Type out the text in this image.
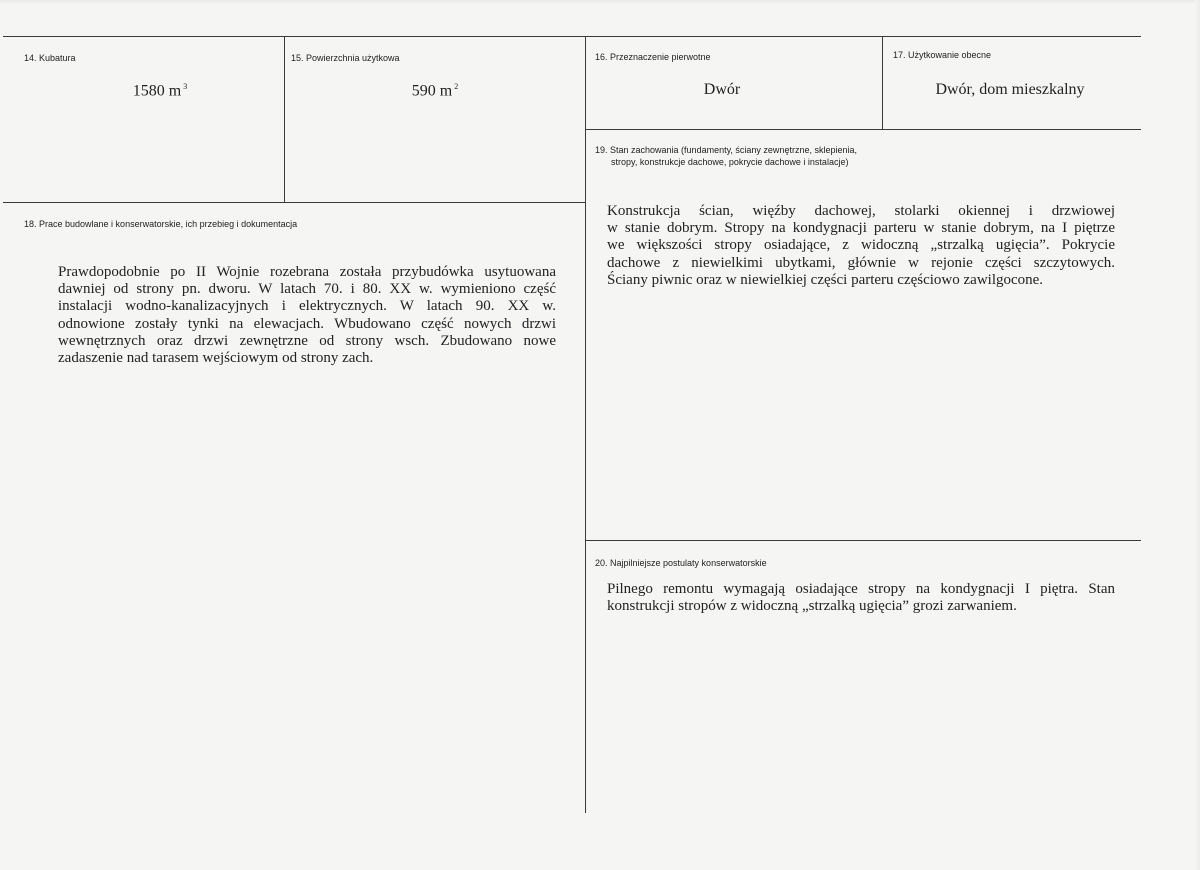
14. Kubatura
1580 m $^3$
15. Powierzchnia użytkowa
590 m $^2$
16. Przeznaczenie pierwotne
Dwór
17. Użytkowanie obecne
Dwór, dom mieszkalny
18. Prace budowlane i konserwatorskie, ich przebieg i dokumentacja
Prawdopodobnie po II Wojnie rozebrana została przybudówka usytuowana
dawniej od strony pn. dworu. W latach 70. i 80. XX w. wymieniono część
instalacji wodno-kanalizacyjnych i elektrycznych. W latach 90. XX w.
odnowione zostały tynki na elewacjach. Wbudowano część nowych drzwi
wewnętrznych oraz drzwi zewnętrzne od strony wsch. Zbudowano nowe
zadaszenie nad tarasem wejściowym od strony zach.
19. Stan zachowania (fundamenty, ściany zewnętrzne, sklepienia,
stropy, konstrukcje dachowe, pokrycie dachowe i instalacje)
Konstrukcja ścian, więźby dachowej, stolarki okiennej i drzwiowej
w stanie dobrym. Stropy na kondygnacji parteru w stanie dobrym, na I piętrze
we większości stropy osiadające, z widoczną „strzalką ugięcia”. Pokrycie
dachowe z niewielkimi ubytkami, głównie w rejonie części szczytowych.
Ściany piwnic oraz w niewielkiej części parteru częściowo zawilgocone.
20. Najpilniejsze postulaty konserwatorskie
Pilnego remontu wymagają osiadające stropy na kondygnacji I piętra. Stan
konstrukcji stropów z widoczną „strzalką ugięcia” grozi zarwaniem.
